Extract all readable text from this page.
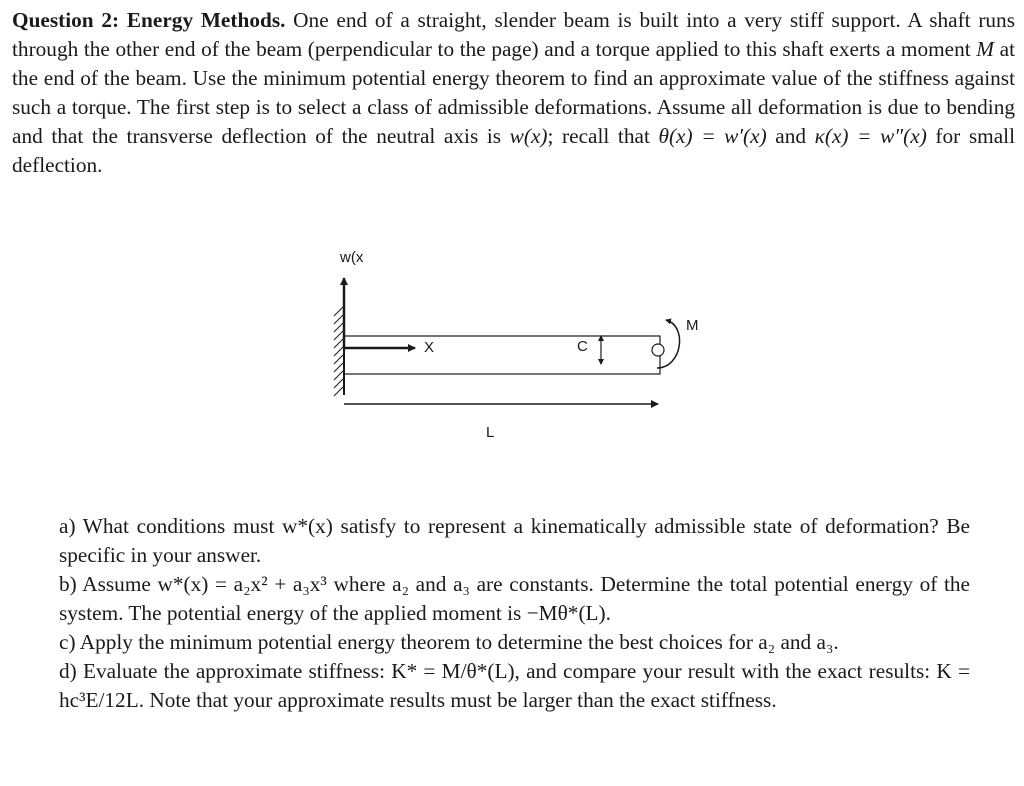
Question 2: Energy Methods. One end of a straight, slender beam is built into a very stiff support. A shaft runs through the other end of the beam (perpendicular to the page) and a torque applied to this shaft exerts a moment M at the end of the beam. Use the minimum potential energy theorem to find an approximate value of the stiffness against such a torque. The first step is to select a class of admissible deformations. Assume all deformation is due to bending and that the transverse deflection of the neutral axis is w(x); recall that θ(x) = w′(x) and κ(x) = w″(x) for small deflection.

w(x
X	C
M
L

a) What conditions must w*(x) satisfy to represent a kinematically admissible state of deformation? Be specific in your answer.

b) Assume w*(x) = a₂x² + a₃x³ where a₂ and a₃ are constants. Determine the total potential energy of the system. The potential energy of the applied moment is −Mθ*(L).

c) Apply the minimum potential energy theorem to determine the best choices for a₂ and a₃.

d) Evaluate the approximate stiffness: K* = M/θ*(L), and compare your result with the exact results: K = hc³E/12L. Note that your approximate results must be larger than the exact stiffness.
